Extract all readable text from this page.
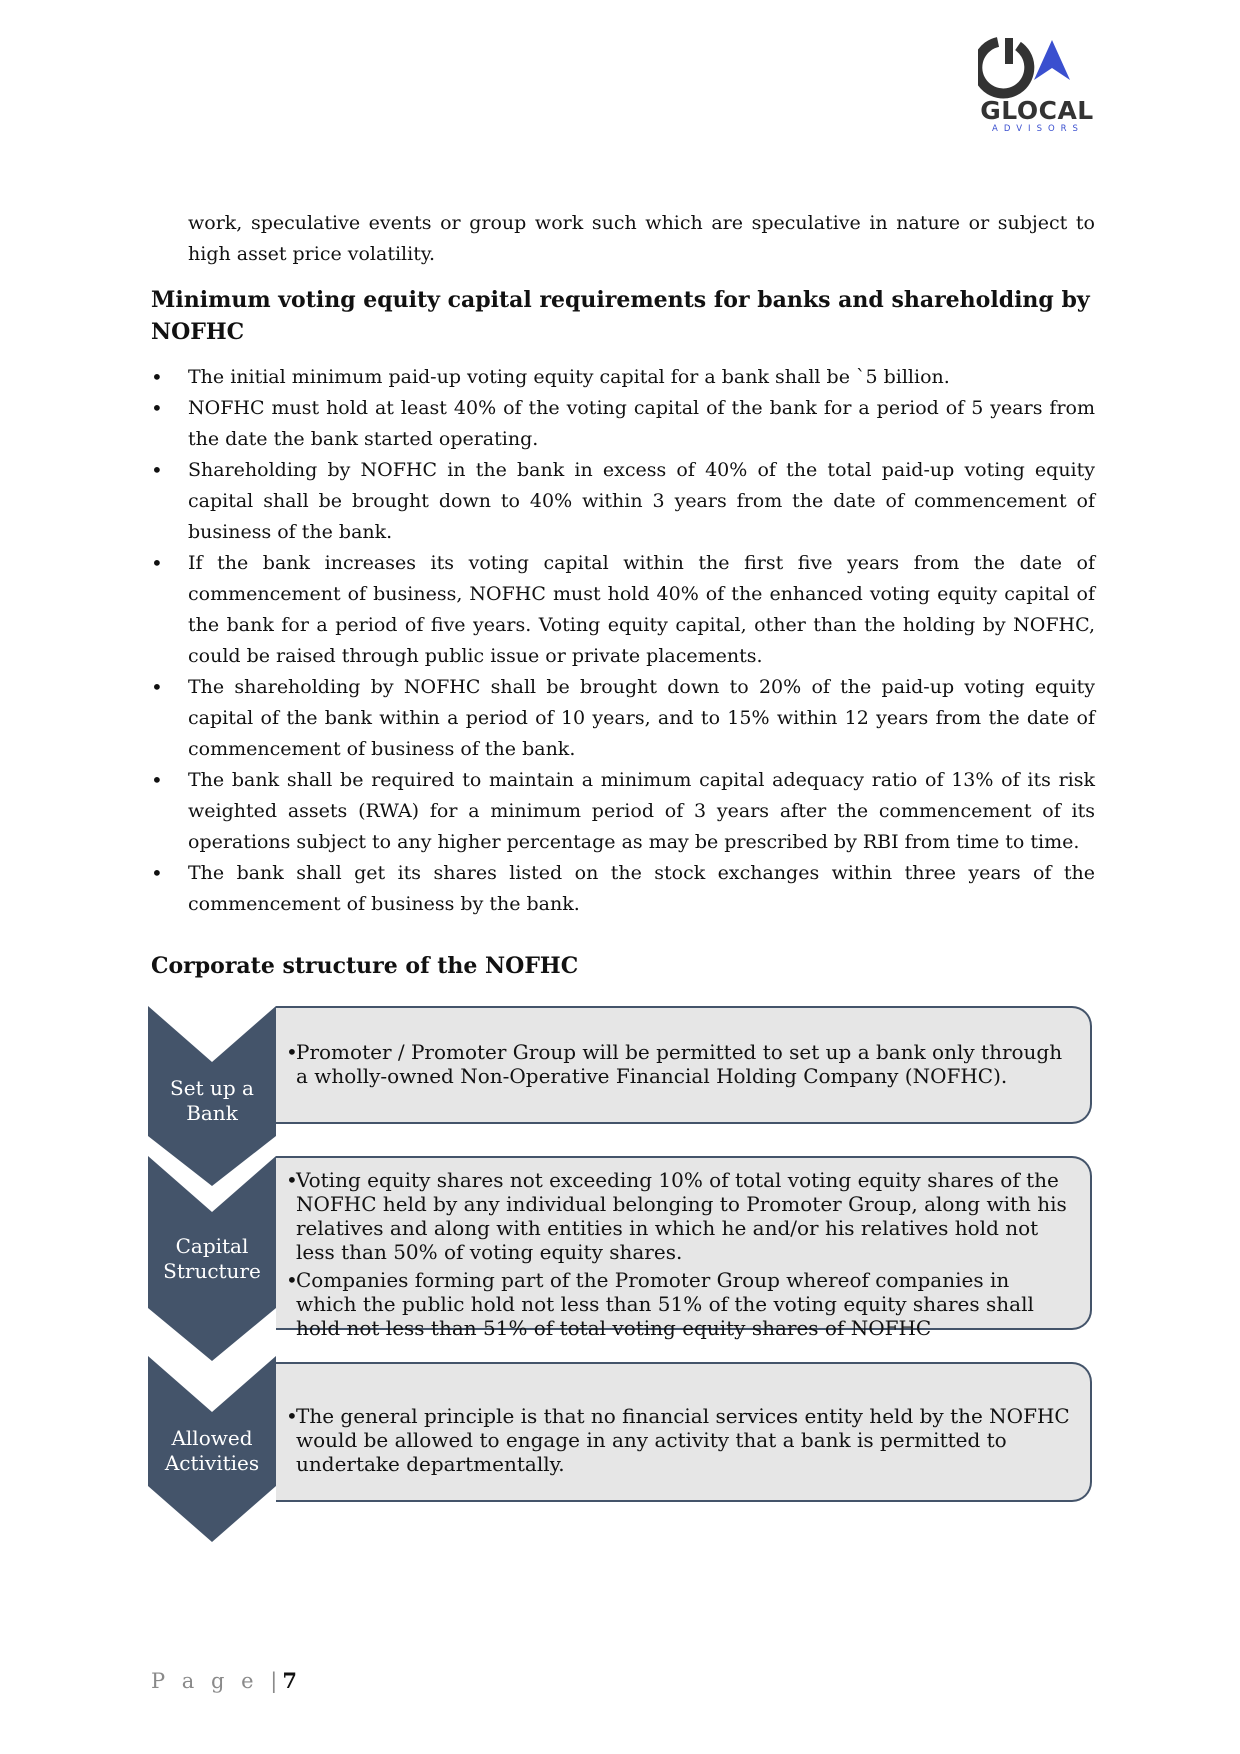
GLOCAL
ADVISORS

work, speculative events or group work such which are speculative in nature or subject to high asset price volatility.

Minimum voting equity capital requirements for banks and shareholding by NOFHC
• The initial minimum paid-up voting equity capital for a bank shall be `5 billion.
• NOFHC must hold at least 40% of the voting capital of the bank for a period of 5 years from the date the bank started operating.
• Shareholding by NOFHC in the bank in excess of 40% of the total paid-up voting equity capital shall be brought down to 40% within 3 years from the date of commencement of business of the bank.
• If the bank increases its voting capital within the first five years from the date of commencement of business, NOFHC must hold 40% of the enhanced voting equity capital of the bank for a period of five years. Voting equity capital, other than the holding by NOFHC, could be raised through public issue or private placements.
• The shareholding by NOFHC shall be brought down to 20% of the paid-up voting equity capital of the bank within a period of 10 years, and to 15% within 12 years from the date of commencement of business of the bank.
• The bank shall be required to maintain a minimum capital adequacy ratio of 13% of its risk weighted assets (RWA) for a minimum period of 3 years after the commencement of its operations subject to any higher percentage as may be prescribed by RBI from time to time.
• The bank shall get its shares listed on the stock exchanges within three years of the commencement of business by the bank.
Corporate structure of the NOFHC
Set up a
Bank
Capital
Structure
Allowed
Activities
• Promoter / Promoter Group will be permitted to set up a bank only through a wholly-owned Non-Operative Financial Holding Company (NOFHC).
• Voting equity shares not exceeding 10% of total voting equity shares of the NOFHC held by any individual belonging to Promoter Group, along with his relatives and along with entities in which he and/or his relatives hold not less than 50% of voting equity shares.
• Companies forming part of the Promoter Group whereof companies in which the public hold not less than 51% of the voting equity shares shall hold not less than 51% of total voting equity shares of NOFHC
• The general principle is that no financial services entity held by the NOFHC would be allowed to engage in any activity that a bank is permitted to undertake departmentally.
P a g e |7
